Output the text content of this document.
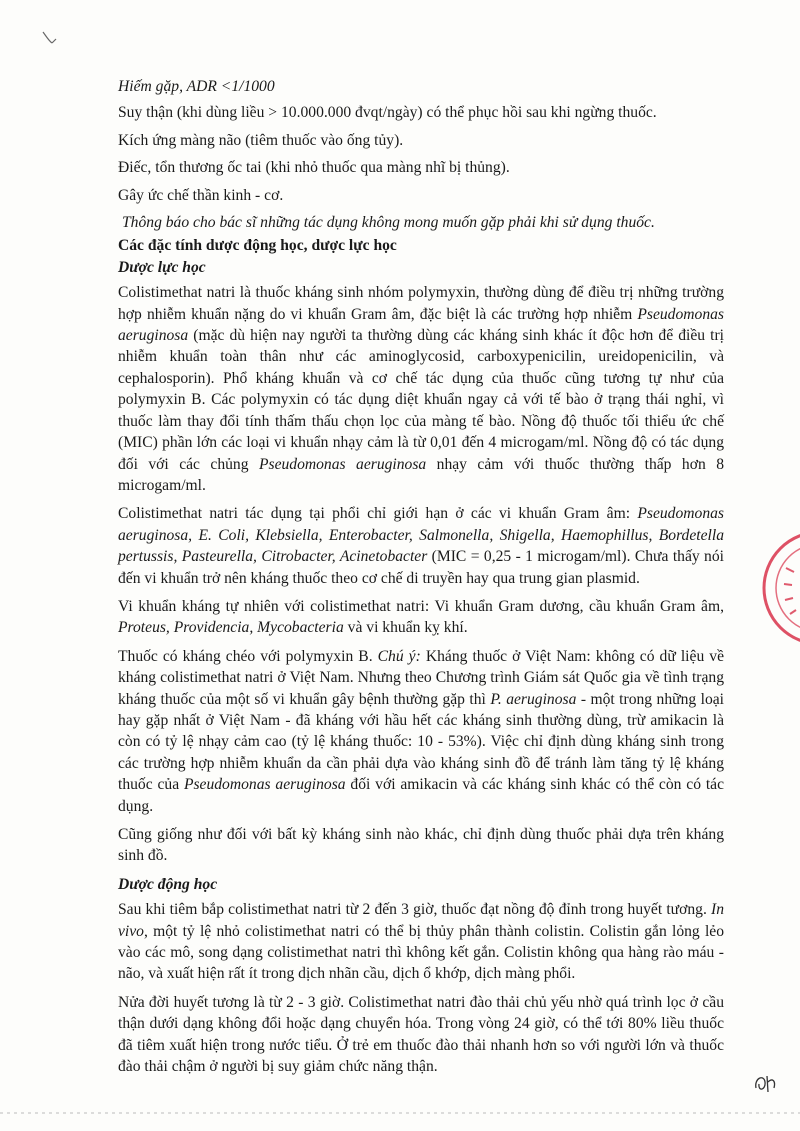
Hiếm gặp, ADR <1/1000

Suy thận (khi dùng liều > 10.000.000 đvqt/ngày) có thể phục hồi sau khi ngừng thuốc.

Kích ứng màng não (tiêm thuốc vào ống tủy).

Điếc, tổn thương ốc tai (khi nhỏ thuốc qua màng nhĩ bị thủng).

Gây ức chế thần kinh - cơ.

Thông báo cho bác sĩ những tác dụng không mong muốn gặp phải khi sử dụng thuốc.

Các đặc tính dược động học, dược lực học

Dược lực học

Colistimethat natri là thuốc kháng sinh nhóm polymyxin, thường dùng để điều trị những trường hợp nhiễm khuẩn nặng do vi khuẩn Gram âm, đặc biệt là các trường hợp nhiễm Pseudomonas aeruginosa (mặc dù hiện nay người ta thường dùng các kháng sinh khác ít độc hơn để điều trị nhiễm khuẩn toàn thân như các aminoglycosid, carboxypenicilin, ureidopenicilin, và cephalosporin). Phổ kháng khuẩn và cơ chế tác dụng của thuốc cũng tương tự như của polymyxin B. Các polymyxin có tác dụng diệt khuẩn ngay cả với tế bào ở trạng thái nghỉ, vì thuốc làm thay đổi tính thấm thấu chọn lọc của màng tế bào. Nồng độ thuốc tối thiểu ức chế (MIC) phần lớn các loại vi khuẩn nhạy cảm là từ 0,01 đến 4 microgam/ml. Nồng độ có tác dụng đối với các chủng Pseudomonas aeruginosa nhạy cảm với thuốc thường thấp hơn 8 microgam/ml.

Colistimethat natri tác dụng tại phổi chỉ giới hạn ở các vi khuẩn Gram âm: Pseudomonas aeruginosa, E. Coli, Klebsiella, Enterobacter, Salmonella, Shigella, Haemophillus, Bordetella pertussis, Pasteurella, Citrobacter, Acinetobacter (MIC = 0,25 - 1 microgam/ml). Chưa thấy nói đến vi khuẩn trở nên kháng thuốc theo cơ chế di truyền hay qua trung gian plasmid.

Vi khuẩn kháng tự nhiên với colistimethat natri: Vi khuẩn Gram dương, cầu khuẩn Gram âm, Proteus, Providencia, Mycobacteria và vi khuẩn kỵ khí.

Thuốc có kháng chéo với polymyxin B. Chú ý: Kháng thuốc ở Việt Nam: không có dữ liệu về kháng colistimethat natri ở Việt Nam. Nhưng theo Chương trình Giám sát Quốc gia về tình trạng kháng thuốc của một số vi khuẩn gây bệnh thường gặp thì P. aeruginosa - một trong những loại hay gặp nhất ở Việt Nam - đã kháng với hầu hết các kháng sinh thường dùng, trừ amikacin là còn có tỷ lệ nhạy cảm cao (tỷ lệ kháng thuốc: 10 - 53%). Việc chỉ định dùng kháng sinh trong các trường hợp nhiễm khuẩn da cần phải dựa vào kháng sinh đồ để tránh làm tăng tỷ lệ kháng thuốc của Pseudomonas aeruginosa đối với amikacin và các kháng sinh khác có thể còn có tác dụng.

Cũng giống như đối với bất kỳ kháng sinh nào khác, chỉ định dùng thuốc phải dựa trên kháng sinh đồ.

Dược động học

Sau khi tiêm bắp colistimethat natri từ 2 đến 3 giờ, thuốc đạt nồng độ đỉnh trong huyết tương. In vivo, một tỷ lệ nhỏ colistimethat natri có thể bị thủy phân thành colistin. Colistin gắn lỏng lẻo vào các mô, song dạng colistimethat natri thì không kết gắn. Colistin không qua hàng rào máu - não, và xuất hiện rất ít trong dịch nhãn cầu, dịch ổ khớp, dịch màng phổi.

Nửa đời huyết tương là từ 2 - 3 giờ. Colistimethat natri đào thải chủ yếu nhờ quá trình lọc ở cầu thận dưới dạng không đổi hoặc dạng chuyển hóa. Trong vòng 24 giờ, có thể tới 80% liều thuốc đã tiêm xuất hiện trong nước tiểu. Ở trẻ em thuốc đào thải nhanh hơn so với người lớn và thuốc đào thải chậm ở người bị suy giảm chức năng thận.
